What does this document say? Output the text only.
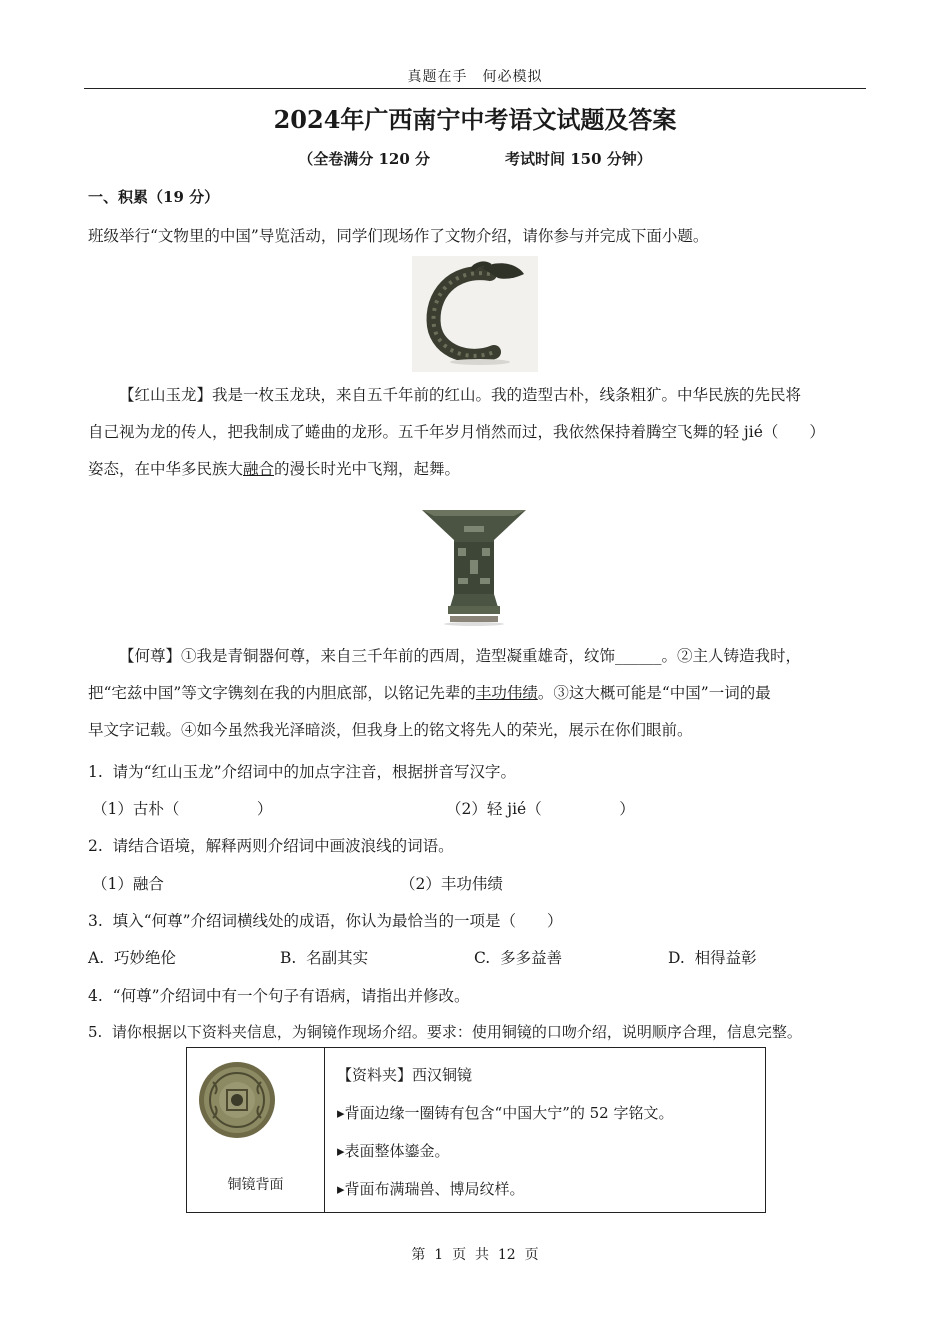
真题在手　何必模拟
2024年广西南宁中考语文试题及答案
（全卷满分 120 分　　　　　考试时间 150 分钟）
一、积累（19 分）
班级举行“文物里的中国”导览活动，同学们现场作了文物介绍，请你参与并完成下面小题。
【红山玉龙】我是一枚玉龙玦，来自五千年前的红山。我的造型古朴，线条粗犷。中华民族的先民将
自己视为龙的传人，把我制成了蜷曲的龙形。五千年岁月悄然而过，我依然保持着腾空飞舞的轻 jié（　　）
姿态，在中华多民族大融合的漫长时光中飞翔，起舞。
【何尊】①我是青铜器何尊，来自三千年前的西周，造型凝重雄奇，纹饰______。②主人铸造我时，
把“宅兹中国”等文字镌刻在我的内胆底部，以铭记先辈的丰功伟绩。③这大概可能是“中国”一词的最
早文字记载。④如今虽然我光泽暗淡，但我身上的铭文将先人的荣光，展示在你们眼前。
1.  请为“红山玉龙”介绍词中的加点字注音，根据拼音写汉字。
（1）古朴（　　　　　）	（2）轻 jié（　　　　　）
2.  请结合语境，解释两则介绍词中画波浪线的词语。
（1）融合	（2）丰功伟绩
3.  填入“何尊”介绍词横线处的成语，你认为最恰当的一项是（　　）
A.  巧妙绝伦	B.  名副其实	C.  多多益善	D.  相得益彰
4.  “何尊”介绍词中有一个句子有语病，请指出并修改。
5.  请你根据以下资料夹信息，为铜镜作现场介绍。要求：使用铜镜的口吻介绍，说明顺序合理，信息完整。
铜镜背面
【资料夹】西汉铜镜
▸背面边缘一圈铸有包含“中国大宁”的 52 字铭文。
▸表面整体鎏金。
▸背面布满瑞兽、博局纹样。
第  1  页  共  12  页
